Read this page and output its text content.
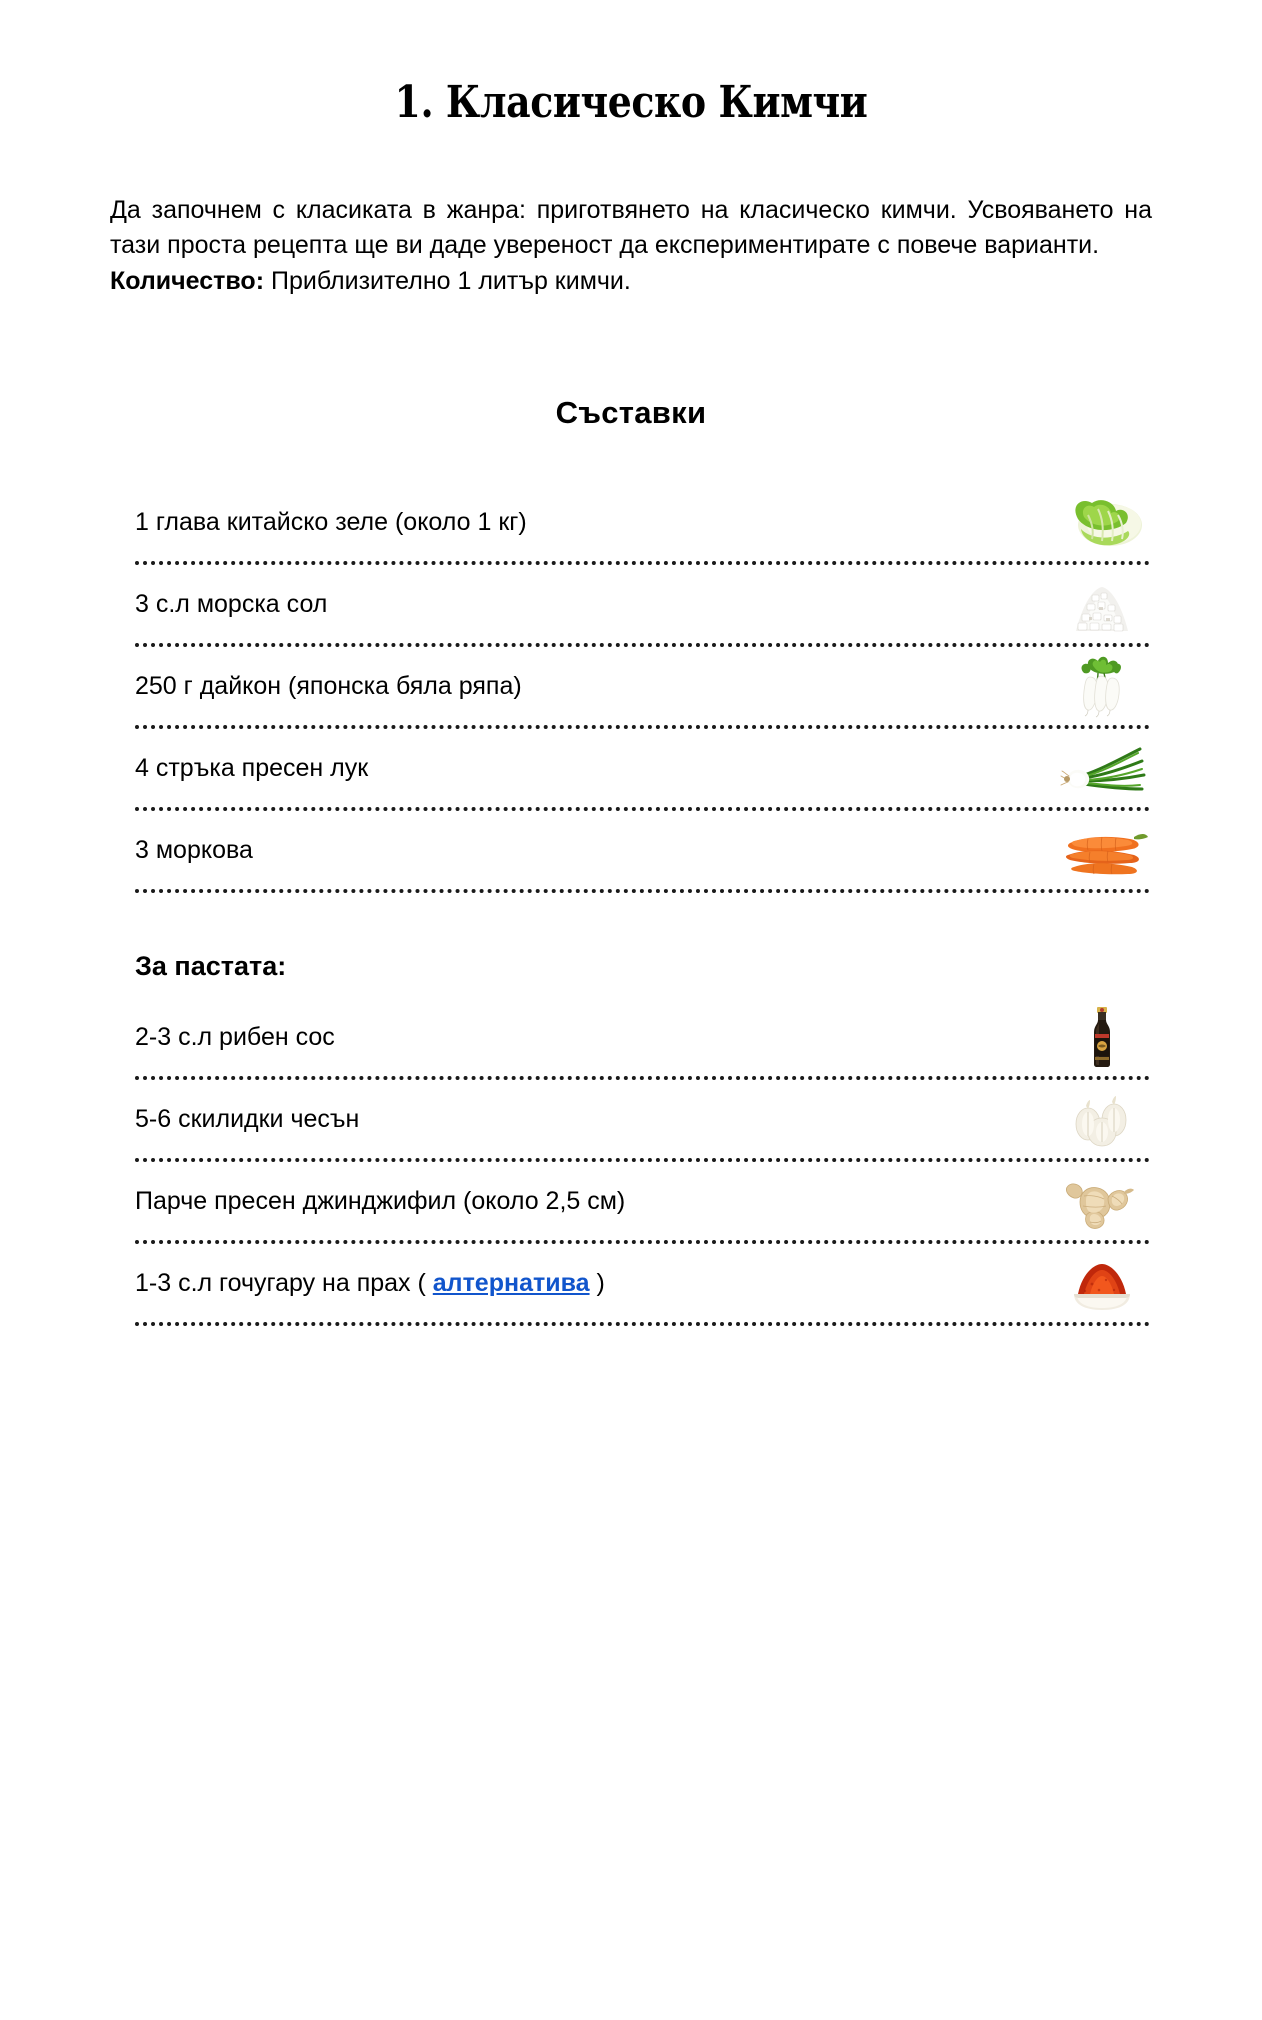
1. Класическо Кимчи

Да започнем с класиката в жанра: приготвянето на класическо кимчи. Усвояването на тази проста рецепта ще ви даде увереност да експериментирате с повече варианти.

Количество: Приблизително 1 литър кимчи.

Съставки
1 глава китайско зеле (около 1 кг)
3 с.л морска сол
250 г дайкон (японска бяла ряпа)
4 стръка пресен лук
3 моркова
За пастата:
2-3 с.л рибен сос
5-6 скилидки чесън
Парче пресен джинджифил (около 2,5 см)
1-3 с.л гочугару на прах ( алтернатива )
